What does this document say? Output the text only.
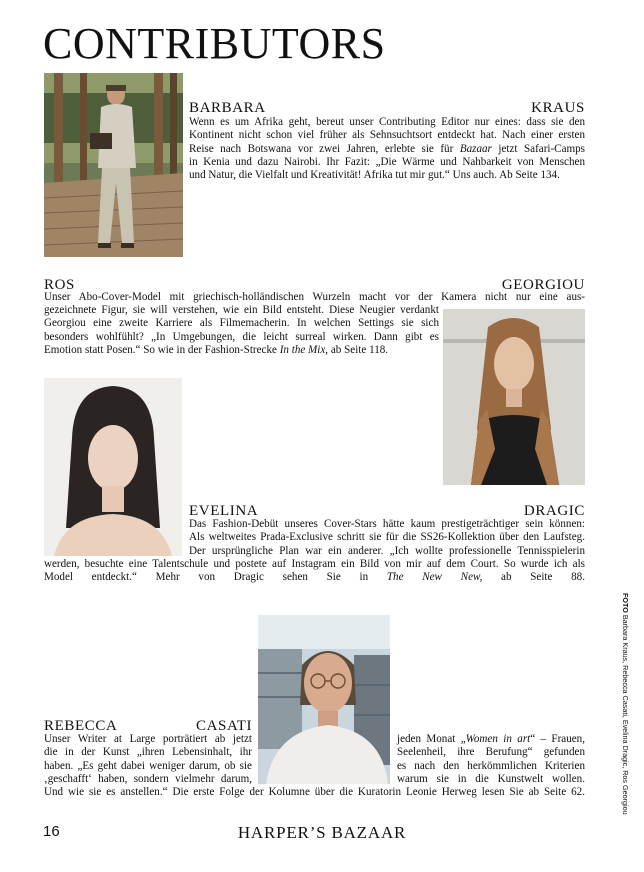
CONTRIBUTORS
BARBARA	KRAUS
Wenn es um Afrika geht, bereut unser Contributing Editor nur eines: dass sie den
Kontinent nicht schon viel früher als Sehnsuchtsort entdeckt hat. Nach einer ersten
Reise nach Botswana vor zwei Jahren, erlebte sie für Bazaar jetzt Safari-Camps
in Kenia und dazu Nairobi. Ihr Fazit: „Die Wärme und Nahbarkeit von Menschen
und Natur, die Vielfalt und Kreativität! Afrika tut mir gut.“ Uns auch. Ab Seite 134.
ROS	GEORGIOU
Unser Abo-Cover-Model mit griechisch-holländischen Wurzeln macht vor der Kamera nicht nur eine aus-
gezeichnete Figur, sie will verstehen, wie ein Bild entsteht. Diese Neugier verdankt
Georgiou eine zweite Karriere als Filmemacherin. In welchen Settings sie sich
besonders wohlfühlt? „In Umgebungen, die leicht surreal wirken. Dann gibt es
Emotion statt Posen.“ So wie in der Fashion-Strecke In the Mix, ab Seite 118.
EVELINA	DRAGIC
Das Fashion-Debüt unseres Cover-Stars hätte kaum prestigeträchtiger sein können:
Als weltweites Prada-Exclusive schritt sie für die SS26-Kollektion über den Laufsteg.
Der ursprüngliche Plan war ein anderer. „Ich wollte professionelle Tennisspielerin
werden, besuchte eine Talentschule und postete auf Instagram ein Bild von mir auf dem Court. So wurde ich als
Model entdeckt.“ Mehr von Dragic sehen Sie in The New New, ab Seite 88.
REBECCA	CASATI
Unser Writer at Large porträtiert ab jetzt
die in der Kunst „ihren Lebensinhalt, ihr
haben. „Es geht dabei weniger darum, ob sie
‚geschafft‘ haben, sondern vielmehr darum,
jeden Monat „Women in art“ – Frauen,
Seelenheil, ihre Berufung“ gefunden
es nach den herkömmlichen Kriterien
warum sie in die Kunstwelt wollen.
Und wie sie es anstellen.“ Die erste Folge der Kolumne über die Kuratorin Leonie Herweg lesen Sie ab Seite 62.
FOTO Barbara Kraus, Rebecca Casati, Evelina Dragic, Ros Georgiou
16	HARPER’S BAZAAR
